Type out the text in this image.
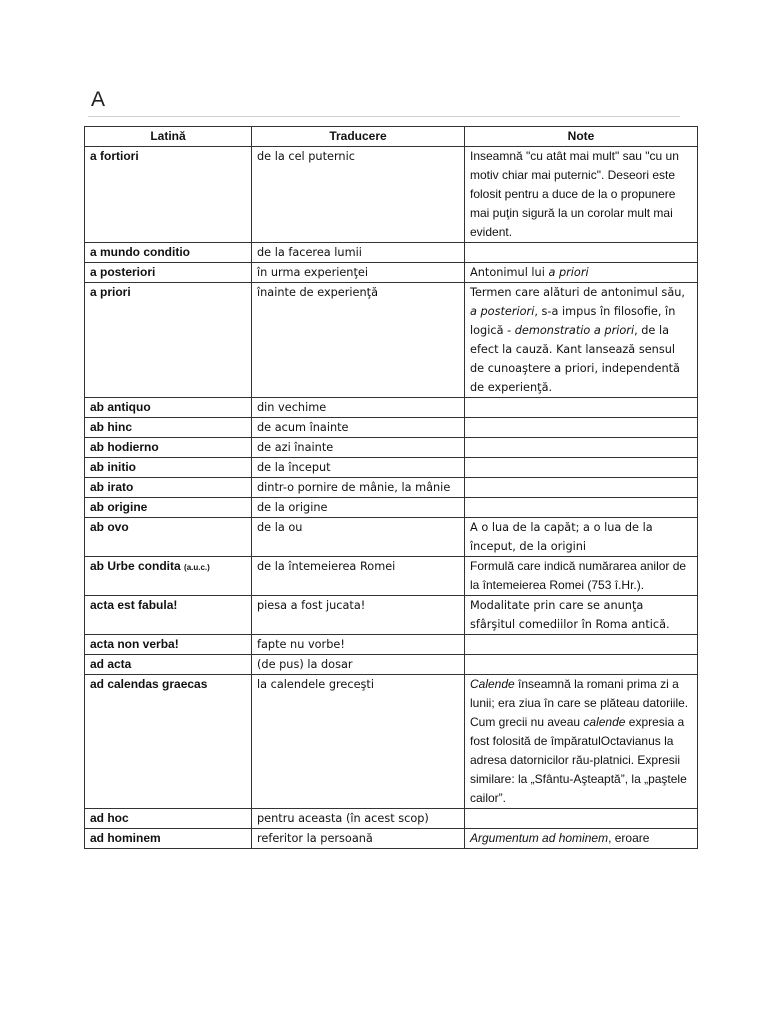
A
Latină	Traducere	Note
a fortiori	de la cel puternic	Inseamnă "cu atât mai mult" sau "cu un motiv chiar mai puternic". Deseori este folosit pentru a duce de la o propunere mai puţin sigură la un corolar mult mai evident.
a mundo conditio	de la facerea lumii	
a posteriori	în urma experienţei	Antonimul lui a priori
a priori	înainte de experienţă	Termen care alături de antonimul său, a posteriori, s-a impus în filosofie, în logică - demonstratio a priori, de la efect la cauză. Kant lansează sensul de cunoaştere a priori, independentă de experienţă.
ab antiquo	din vechime	
ab hinc	de acum înainte	
ab hodierno	de azi înainte	
ab initio	de la început	
ab irato	dintr-o pornire de mânie, la mânie	
ab origine	de la origine	
ab ovo	de la ou	A o lua de la capăt; a o lua de la început, de la origini
ab Urbe condita (a.u.c.)	de la întemeierea Romei	Formulă care indică numărarea anilor de la întemeierea Romei (753 î.Hr.).
acta est fabula!	piesa a fost jucata!	Modalitate prin care se anunţa sfârşitul comediilor în Roma antică.
acta non verba!	fapte nu vorbe!	
ad acta	(de pus) la dosar	
ad calendas graecas	la calendele greceşti	Calende înseamnă la romani prima zi a lunii; era ziua în care se plăteau datoriile. Cum grecii nu aveau calende expresia a fost folosită de împăratulOctavianus la adresa datornicilor rău-platnici. Expresii similare: la „Sfântu-Aşteaptă”, la „paştele cailor”.
ad hoc	pentru aceasta (în acest scop)	
ad hominem	referitor la persoană	Argumentum ad hominem, eroare
